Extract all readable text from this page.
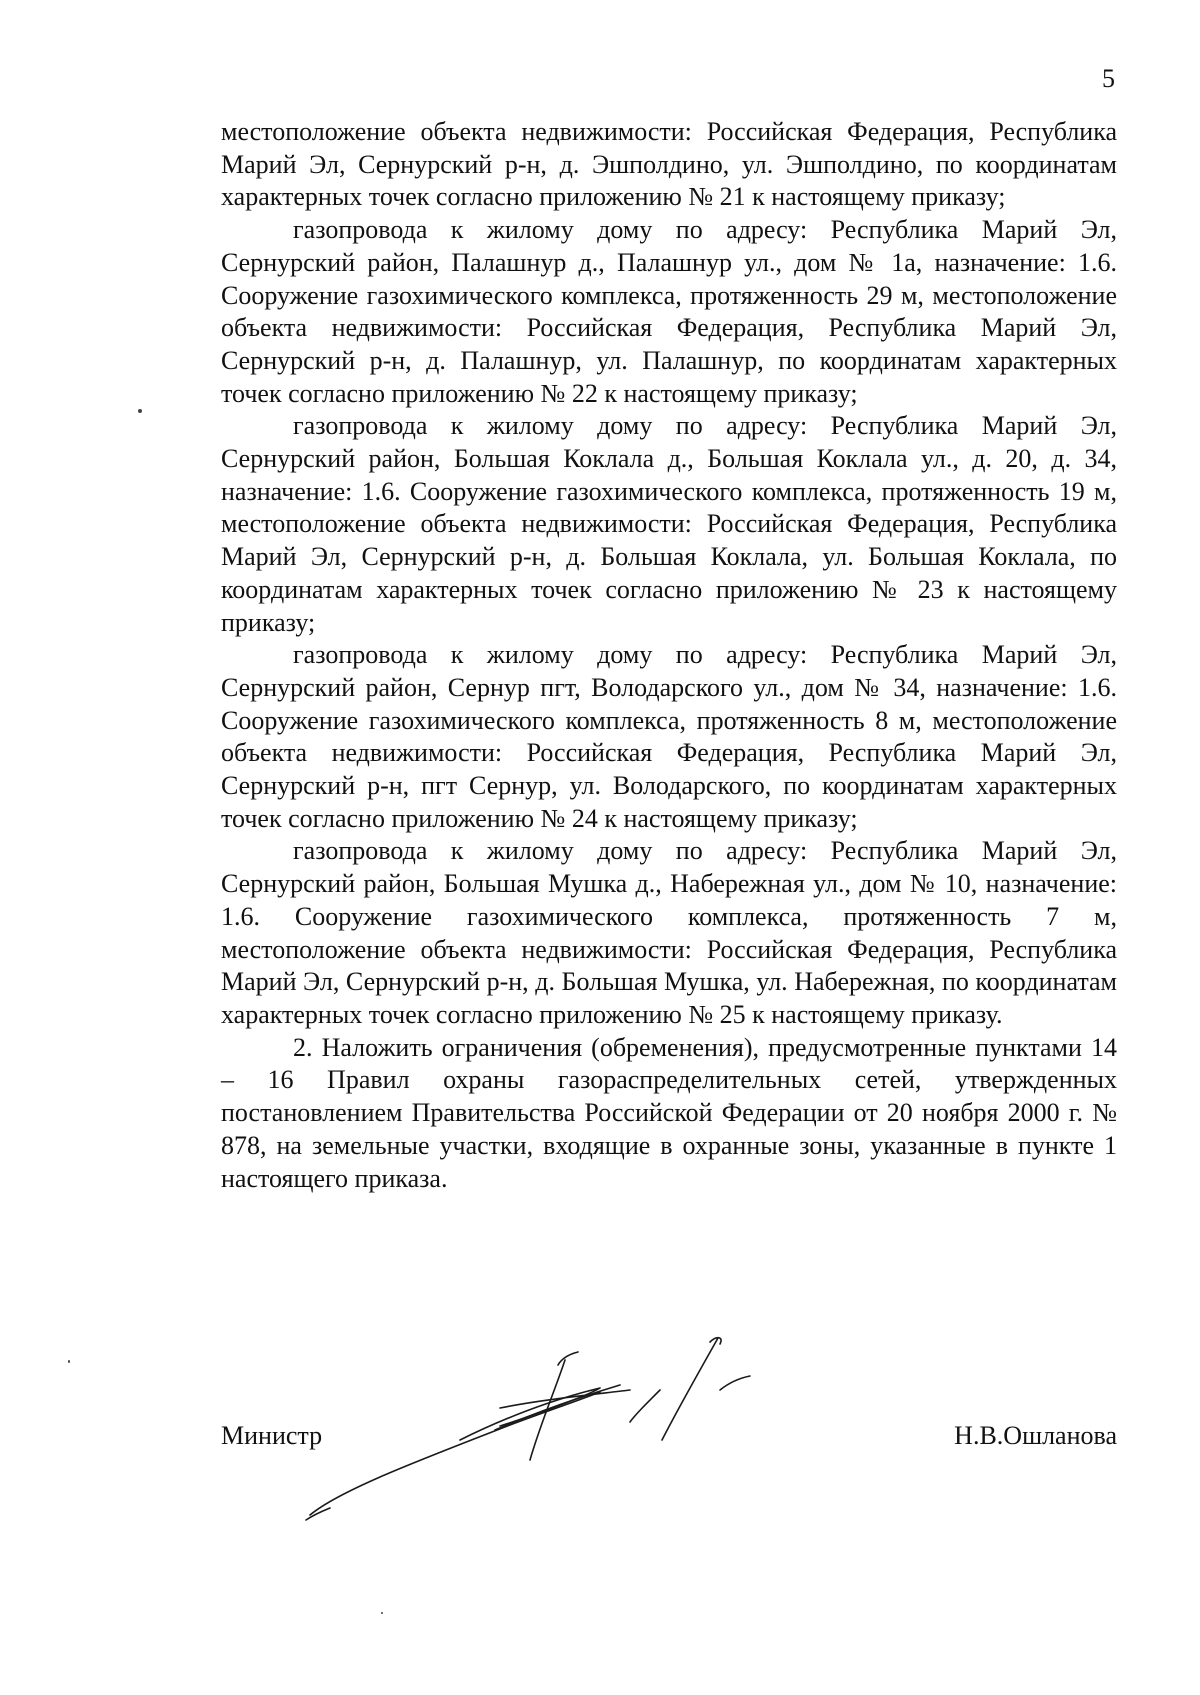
5

местоположение объекта недвижимости: Российская Федерация, Республика Марий Эл, Сернурский р-н, д. Эшполдино, ул. Эшполдино, по координатам характерных точек согласно приложению № 21 к настоящему приказу;

газопровода к жилому дому по адресу: Республика Марий Эл, Сернурский район, Палашнур д., Палашнур ул., дом № 1а, назначение: 1.6. Сооружение газохимического комплекса, протяженность 29 м, местоположение объекта недвижимости: Российская Федерация, Республика Марий Эл, Сернурский р-н, д. Палашнур, ул. Палашнур, по координатам характерных точек согласно приложению № 22 к настоящему приказу;

газопровода к жилому дому по адресу: Республика Марий Эл, Сернурский район, Большая Коклала д., Большая Коклала ул., д. 20, д. 34, назначение: 1.6. Сооружение газохимического комплекса, протяженность 19 м, местоположение объекта недвижимости: Российская Федерация, Республика Марий Эл, Сернурский р-н, д. Большая Коклала, ул. Большая Коклала, по координатам характерных точек согласно приложению № 23 к настоящему приказу;

газопровода к жилому дому по адресу: Республика Марий Эл, Сернурский район, Сернур пгт, Володарского ул., дом № 34, назначение: 1.6. Сооружение газохимического комплекса, протяженность 8 м, местоположение объекта недвижимости: Российская Федерация, Республика Марий Эл, Сернурский р-н, пгт Сернур, ул. Володарского, по координатам характерных точек согласно приложению № 24 к настоящему приказу;

газопровода к жилому дому по адресу: Республика Марий Эл, Сернурский район, Большая Мушка д., Набережная ул., дом № 10, назначение: 1.6. Сооружение газохимического комплекса, протяженность 7 м, местоположение объекта недвижимости: Российская Федерация, Республика Марий Эл, Сернурский р-н, д. Большая Мушка, ул. Набережная, по координатам характерных точек согласно приложению № 25 к настоящему приказу.

2. Наложить ограничения (обременения), предусмотренные пунктами 14 – 16 Правил охраны газораспределительных сетей, утвержденных постановлением Правительства Российской Федерации от 20 ноября 2000 г. № 878, на земельные участки, входящие в охранные зоны, указанные в пункте 1 настоящего приказа.

Министр	Н.В.Ошланова
